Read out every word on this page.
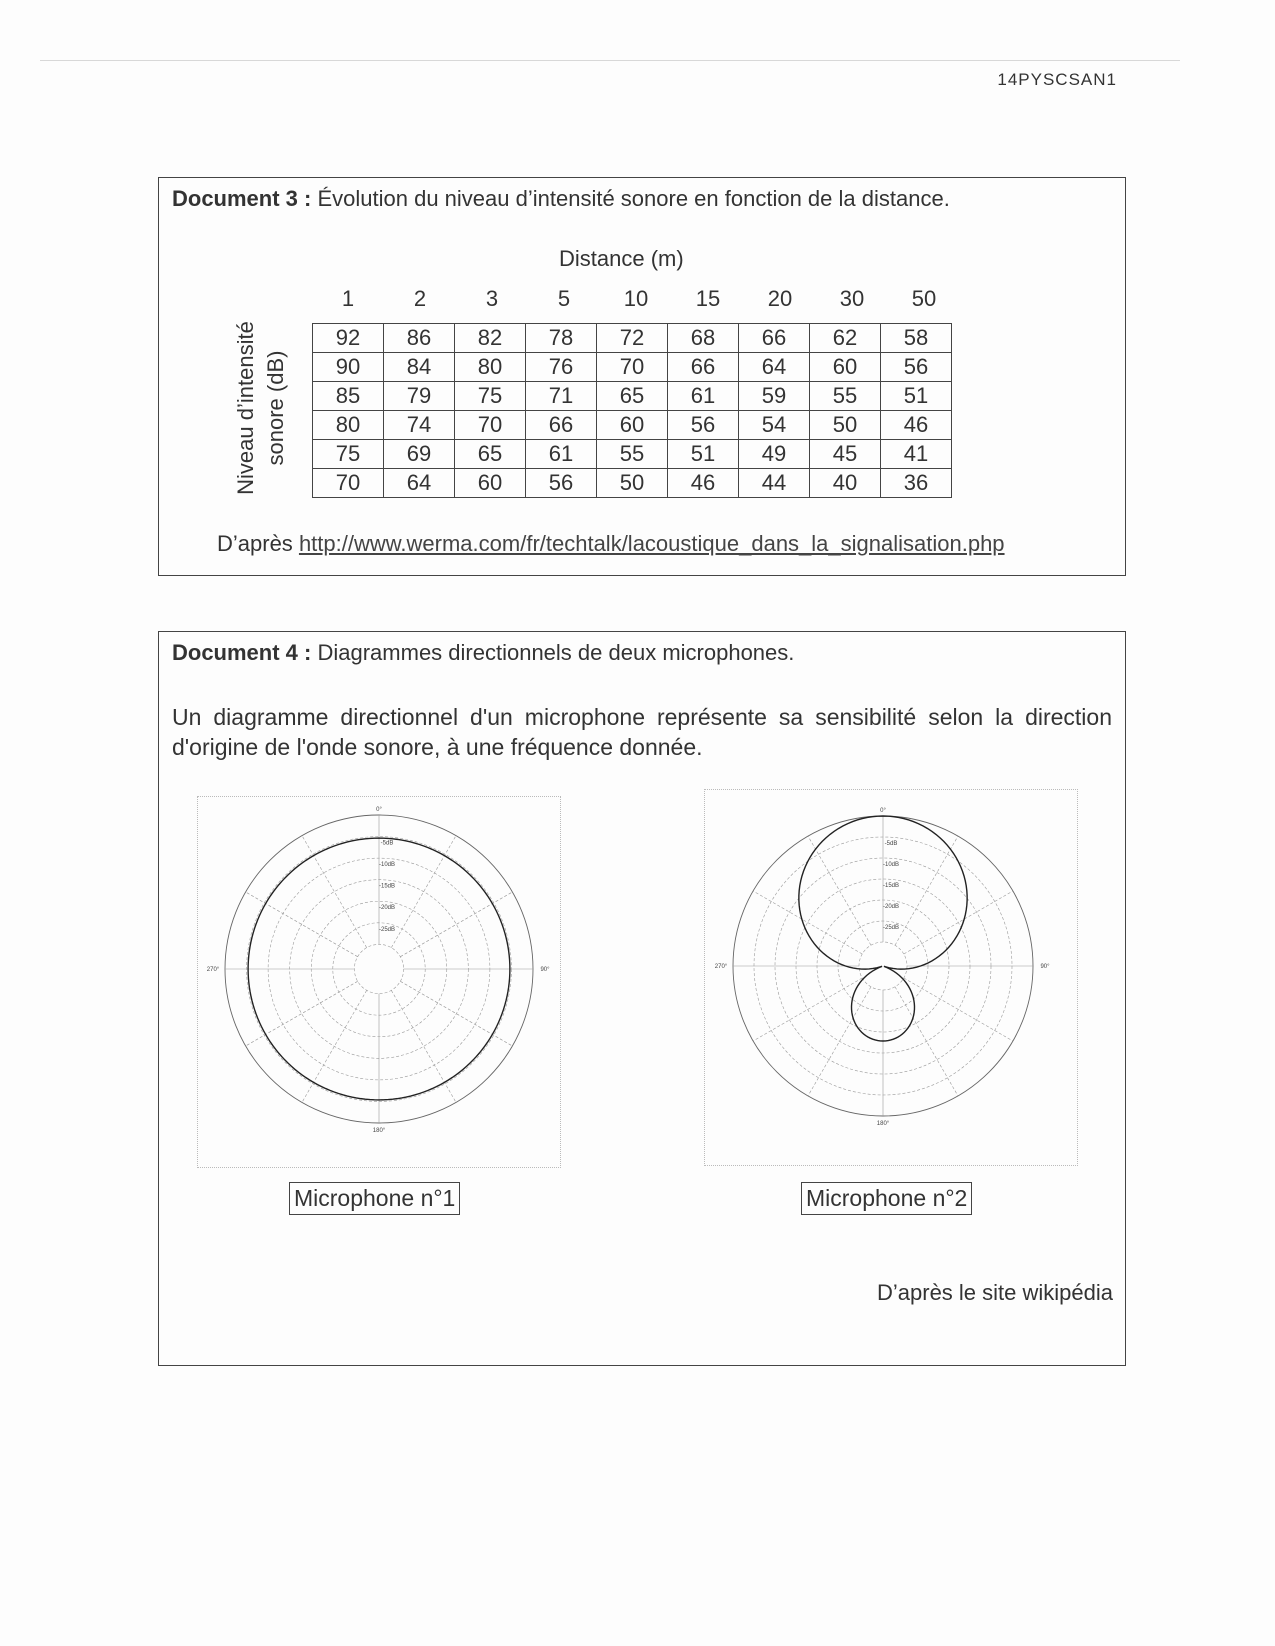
14PYSCSAN1
Document 3 : Évolution du niveau d’intensité sonore en fonction de la distance.
Distance (m)
1	2	3	5	10	15	20	30	50
92	86	82	78	72	68	66	62	58
90	84	80	76	70	66	64	60	56
85	79	75	71	65	61	59	55	51
80	74	70	66	60	56	54	50	46
75	69	65	61	55	51	49	45	41
70	64	60	56	50	46	44	40	36
Niveau d’intensité sonore (dB)
D’après http://www.werma.com/fr/techtalk/lacoustique_dans_la_signalisation.php
Document 4 : Diagrammes directionnels de deux microphones.
Un diagramme directionnel d'un microphone représente sa sensibilité selon la direction d'origine de l'onde sonore, à une fréquence donnée.
0°
90°
180°
270°
-5dB
-10dB
-15dB
-20dB
-25dB
0°
90°
180°
270°
-5dB
-10dB
-15dB
-20dB
-25dB
Microphone n°1	Microphone n°2
D’après le site wikipédia
